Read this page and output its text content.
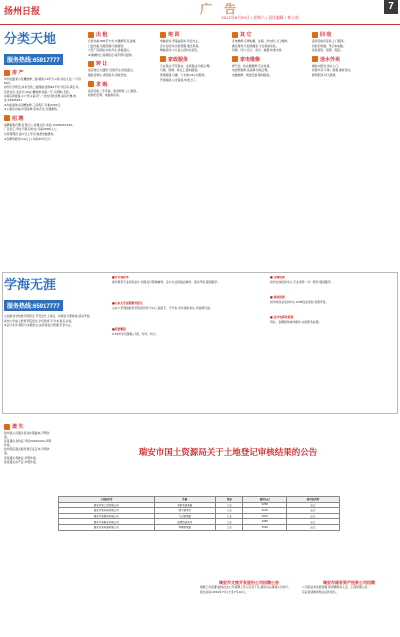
扬州日报	广 告	7
2012年6月30日 / 星期六 / 责任编辑 / 林小南
分类天地
服务热线:65917777
房 产
翠岗北路某小区精装修二楼,朝南,79平方,2房,拎包入住,一口价68万。
扬州大学附近,房东急售二楼阁楼,面积84平米,学区房,满五年。
宜居住宅,北区中,20㎡,精装修,两室一厅,有钥匙,急售。
★南区新楼盘,小户型,1室1厅,一次性付款优惠,看房方便,电话:13905251
★出租美琪小区精装修,三房两厅,月租2200元。
★公寓房出租,中等装修,家电齐全,交通便利。
招 聘
诚聘销售代理,有责任心,待遇从优,电话:13905251XXX。
厂区招工,男女不限,包吃住,月薪3000以上。
仓库管理员,高中以上学历,熟悉电脑操作。
★急聘驾驶员(C1以上),年龄35岁以下。
出 租
仓库出租,800平方米,交通便利,有货梯。
门面出租,近瘦西湖,可做餐饮。
大型厂房招租,水电齐全,价格面议。
★商铺转让,客源稳定,接手即可盈利。
转 让
饭店转让,位置好,设施齐全,价格面议。
服装店转让,老顾客多,因故急转。
求 购
高价回收二手设备、废旧物资,上门服务。
收购旧空调、电脑等家电。
培 训
电脑培训,零基础起步,学会为止。
会计证培训,名师授课,通过率高。
舞蹈培训,少儿成人班均在招生。
家政服务
专业保洁,开荒保洁、家庭保洁,价格合理。
月嫂、保姆、钟点工,随叫随到。
管道疏通,马桶、下水道,24小时服务。
开锁换锁,公安备案,快速上门。
其 它
家电维修,空调加氟、冰箱、洗衣机,上门维修。
搬家服务,长短途搬家,专业拆装家具。
印刷、设计,名片、彩页、画册,快速出样。
家电维修
燃气灶、热水器维修,专业快速。
电视机维修,各品牌,价格合理。
电脑维修、网络安装,随叫随到。
回 收
高价回收旧家具,上门服务。
回收旧电脑、笔记本电脑。
回收废铁、废铜、废铝。
送水外卖
桶装水配送,送水上门。
快餐外卖,午餐、晚餐,准时送达。
鲜奶配送,每天新鲜。
学海无涯
服务热线:65917777
立信财会学校教学部招生,开设会计上岗证、初级会计职称班,滚动开班。
扬州大学成人教育学院招生,学历教育,专升本,报名从速。
★会计实务,理论与实践结合,由资深会计授课,学会为止。
■全计到春华
春华教育专业培训会计,初级会计职称辅导、会计从业资格证辅导。滚动开班,随到随学。
■山东大学远程教育招生
山东大学网络教育学院扬州学习中心,高起专、专升本,学历国家承认,学信网可查。
■英语雅思
0-50岁学员课程,口语、写作、听力。
■ 吉他培训
扬州吉他培训中心,专业老师一对一教学,随到随学。
■ 创业培训
扬州市创业培训中心,SIYB创业培训,免费开班。
■ 会计电算化培训
用友、金蝶财务软件操作,实际账务处理。
遗 失
扬州某公司遗失营业执照副本,声明作废。
张某遗失身份证,号码3210XXXX,声明作废。
扬州某店遗失税务登记证正本,声明作废。
李某遗失驾驶证,声明作废。
某某遗失房产证,声明作废。
瑞安市国土资源局关于土地登记审核结果的公告
土地使用者	坐落	用途	面积(㎡)	使用权类型
瑞安市某工贸有限公司	安阳街道某路	工业	3256	出让
瑞安市某机械有限公司	塘下镇某村	工业	4102	出让
瑞安市某服饰有限公司	飞云镇某路	工业	2870	出让
瑞安市某鞋业有限公司	仙降街道某村	工业	1980	出让
瑞安市某电器有限公司	莘塍镇某路	工业	3520	出让
瑞安市文旅开发股份公司招聘公告
根据工作需要,面向社会公开招聘工作人员若干名,现将有关事项公告如下。
报名时间:2012年7月1日至7月10日。
瑞安市国有资产投资公司招聘
公司因业务发展需要,现招聘财务人员、工程管理人员。
有意者请携带相关证件报名。
